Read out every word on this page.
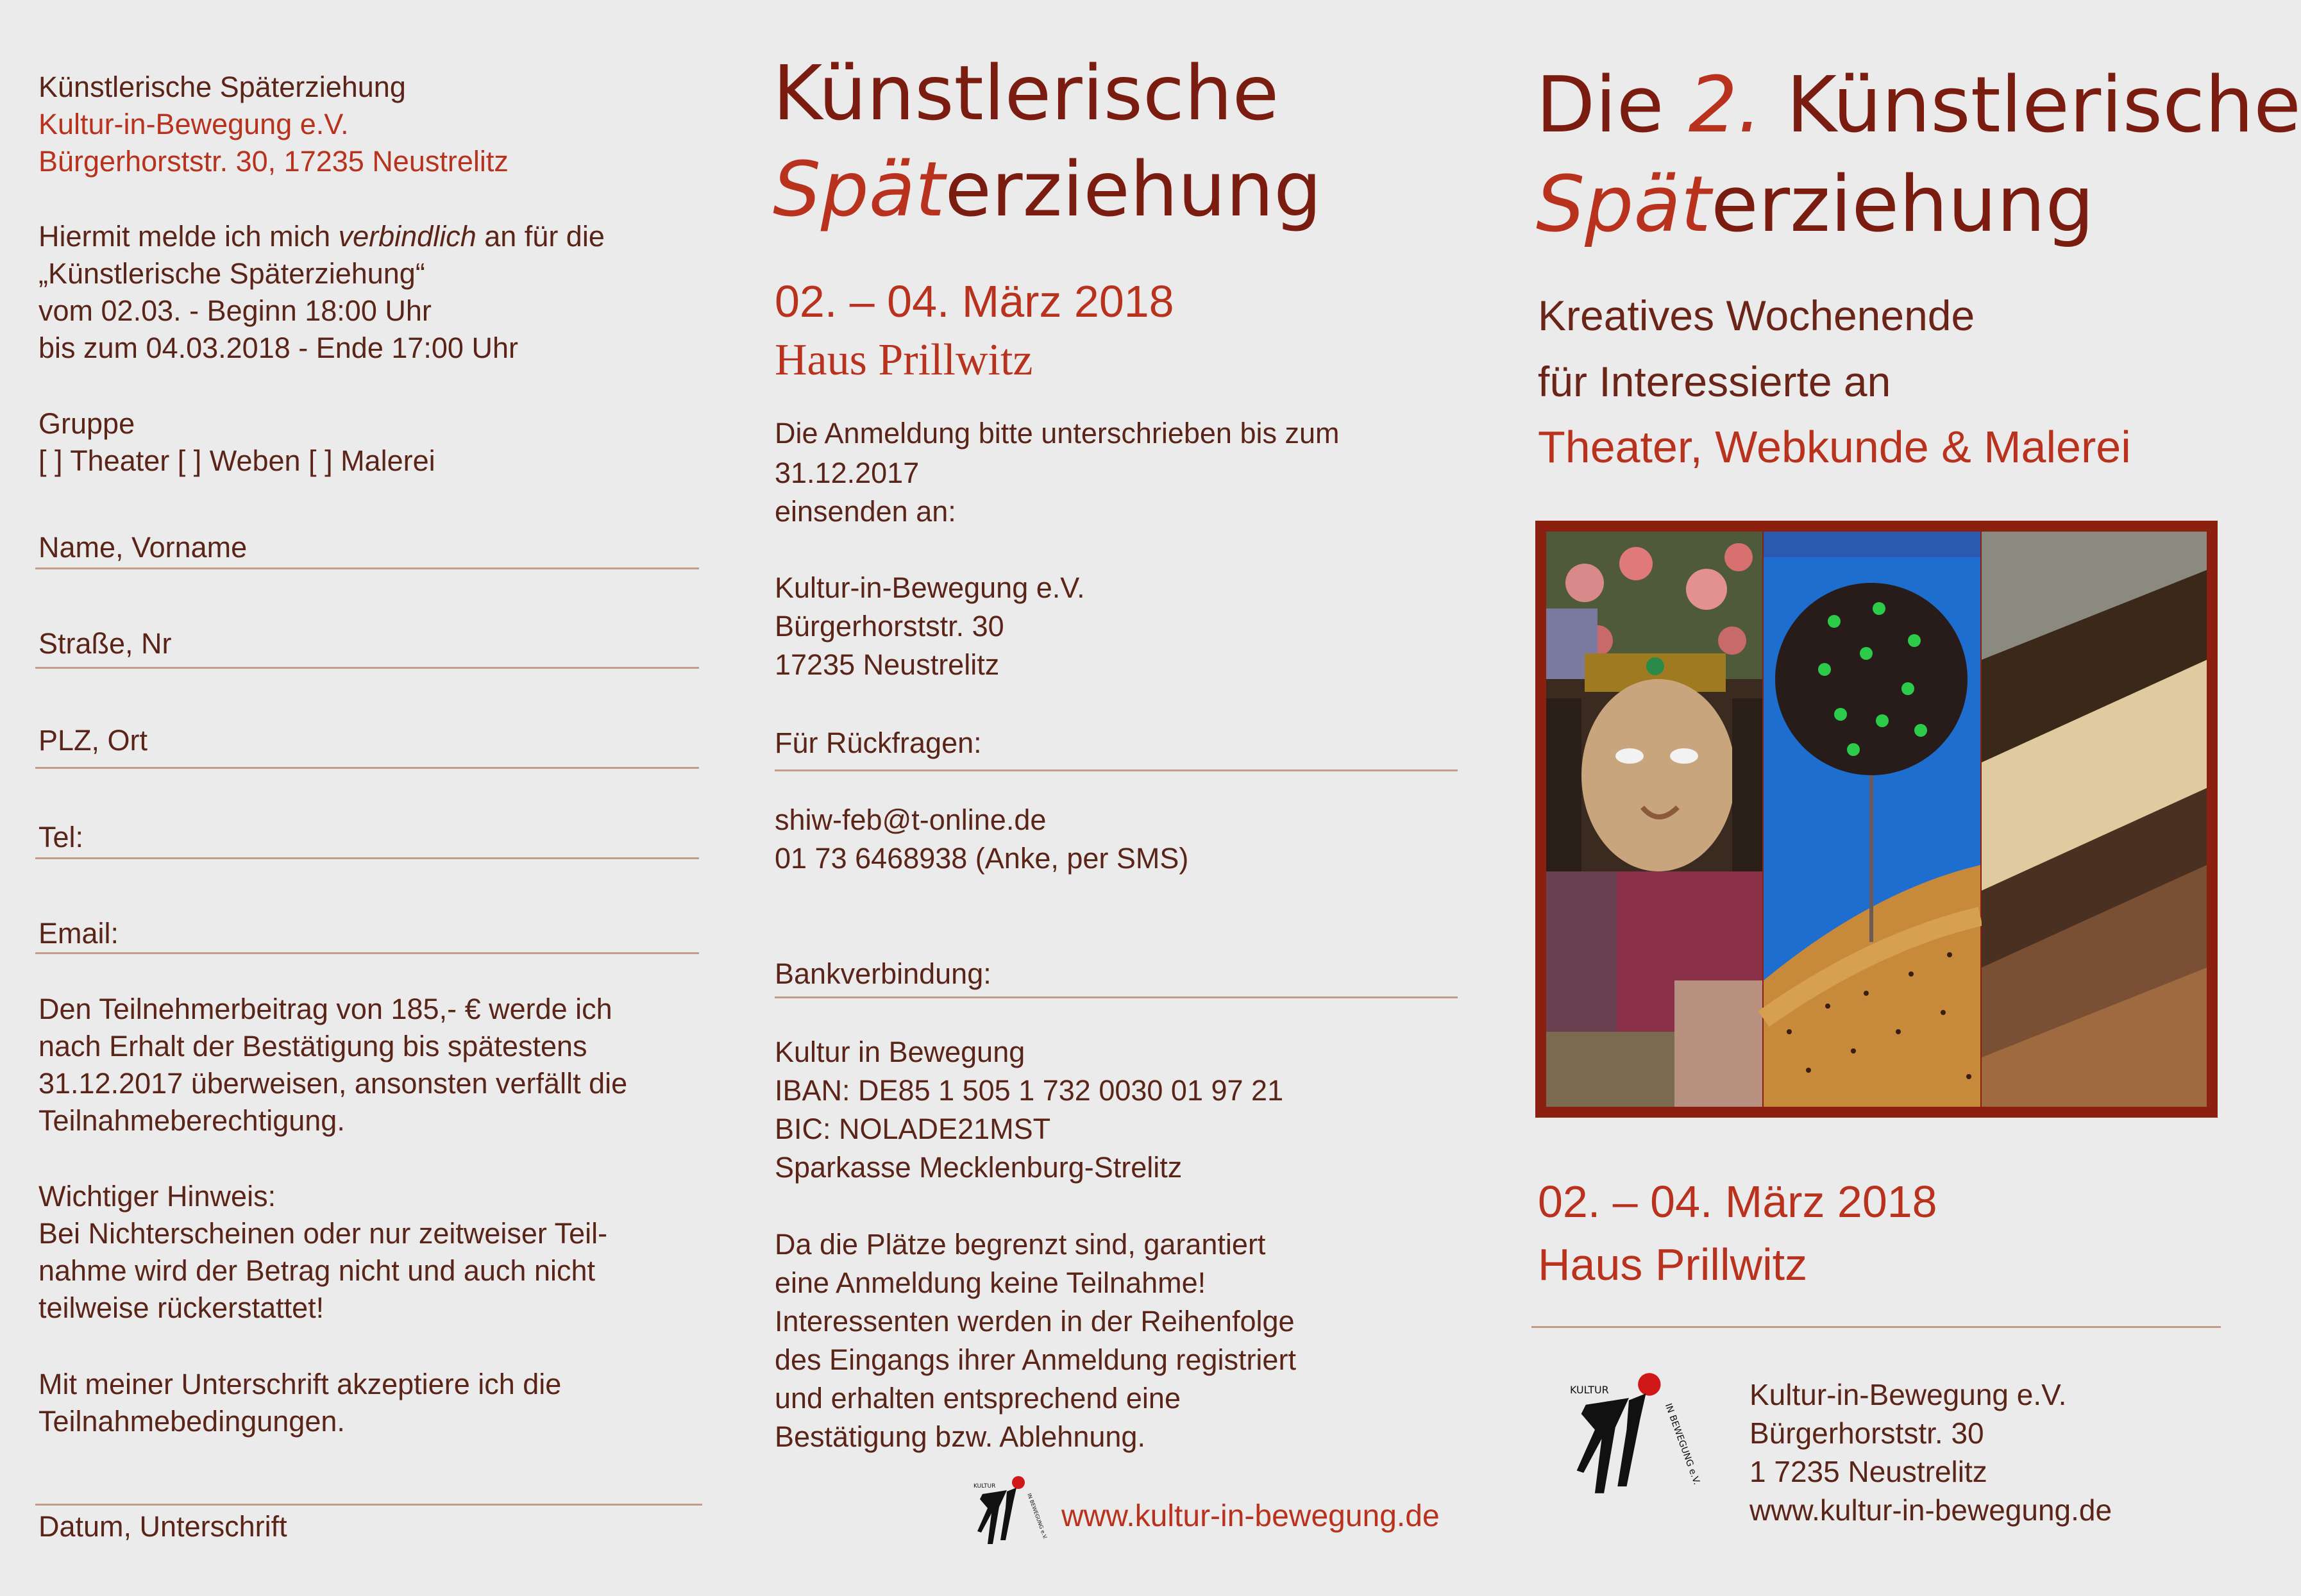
Künstlerische Späterziehung
Kultur-in-Bewegung e.V.
Bürgerhorststr. 30, 17235 Neustrelitz
Hiermit melde ich mich verbindlich an für die
„Künstlerische Späterziehung“
vom 02.03. - Beginn 18:00 Uhr
bis zum 04.03.2018 - Ende 17:00 Uhr
Gruppe
[ ] Theater [ ] Weben [ ] Malerei
Name, Vorname
Straße, Nr
PLZ, Ort
Tel:
Email:
Den Teilnehmerbeitrag von 185,- € werde ich
nach Erhalt der Bestätigung bis spätestens
31.12.2017 überweisen, ansonsten verfällt die
Teilnahmeberechtigung.
Wichtiger Hinweis:
Bei Nichterscheinen oder nur zeitweiser Teil-
nahme wird der Betrag nicht und auch nicht
teilweise rückerstattet!
Mit meiner Unterschrift akzeptiere ich die
Teilnahmebedingungen.
Datum, Unterschrift
Künstlerische
Späterziehung
02. – 04. März 2018
Haus Prillwitz
Die Anmeldung bitte unterschrieben bis zum
31.12.2017
einsenden an:
Kultur-in-Bewegung e.V.
Bürgerhorststr. 30
17235 Neustrelitz
Für Rückfragen:
shiw-feb@t-online.de
01 73 6468938 (Anke, per SMS)
Bankverbindung:
Kultur in Bewegung
IBAN: DE85 1 505 1 732 0030 01 97 21
BIC: NOLADE21MST
Sparkasse Mecklenburg-Strelitz
Da die Plätze begrenzt sind, garantiert
eine Anmeldung keine Teilnahme!
Interessenten werden in der Reihenfolge
des Eingangs ihrer Anmeldung registriert
und erhalten entsprechend eine
Bestätigung bzw. Ablehnung.
KULTUR
IN BEWEGUNG e.V. www.kultur-in-bewegung.de
Die 2. Künstlerische
Späterziehung
Kreatives Wochenende
für Interessierte an
Theater, Webkunde & Malerei
02. – 04. März 2018
Haus Prillwitz
KULTUR
IN BEWEGUNG e.V.
Kultur-in-Bewegung e.V.
Bürgerhorststr. 30
1 7235 Neustrelitz
www.kultur-in-bewegung.de
